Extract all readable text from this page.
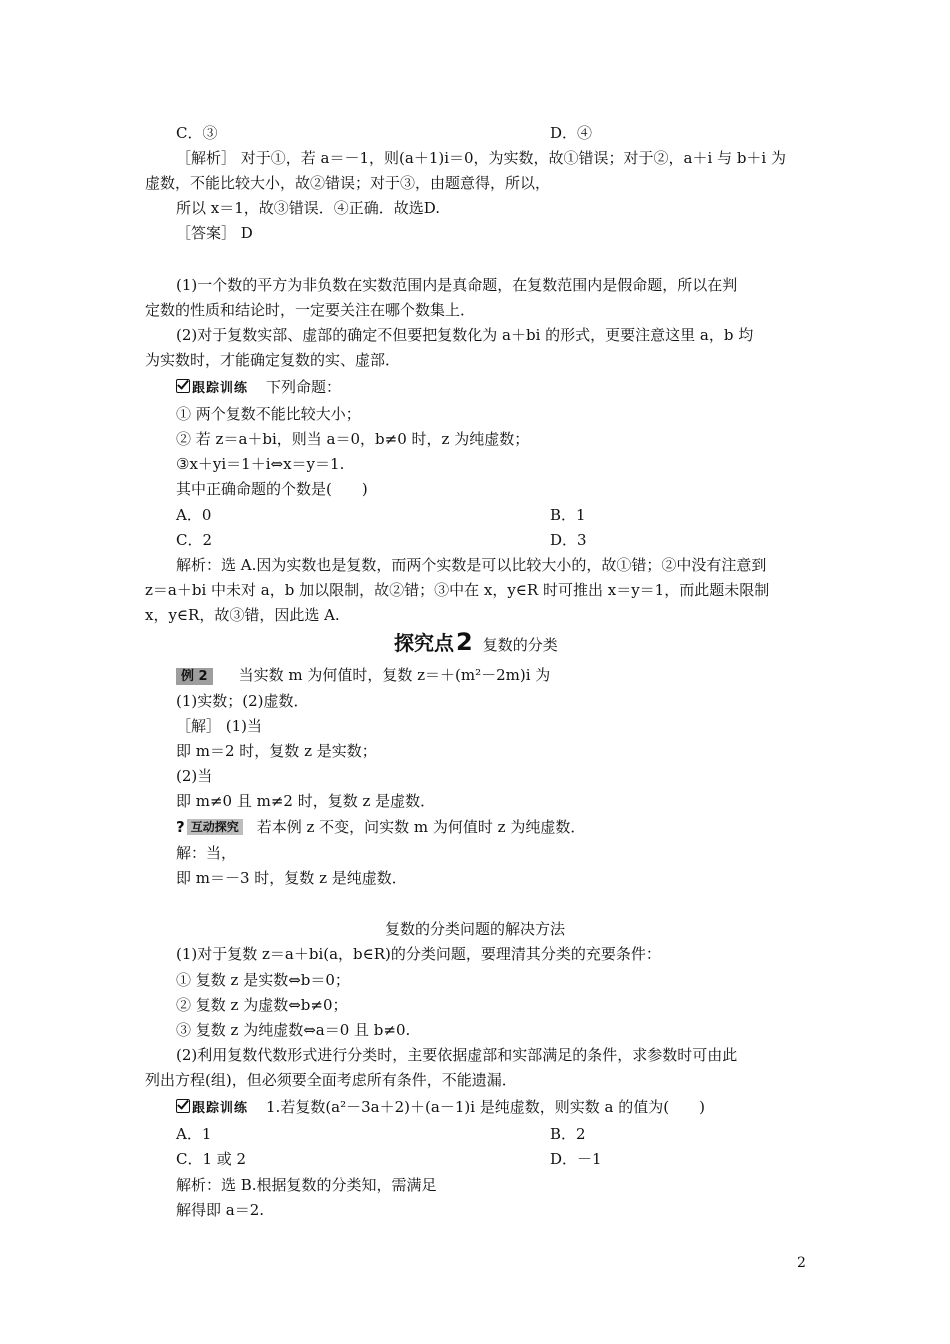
C．③	D．④
［解析］ 对于①，若 a＝－1，则(a＋1)i＝0，为实数，故①错误；对于②，a＋i 与 b＋i 为
虚数，不能比较大小，故②错误；对于③，由题意得，所以，
所以 x＝1，故③错误．④正确．故选D.
［答案］ D
(1)一个数的平方为非负数在实数范围内是真命题，在复数范围内是假命题，所以在判
定数的性质和结论时，一定要关注在哪个数集上．
(2)对于复数实部、虚部的确定不但要把复数化为 a＋bi 的形式，更要注意这里 a，b 均
为实数时，才能确定复数的实、虚部．
跟踪训练 下列命题：
① 两个复数不能比较大小；
② 若 z＝a＋bi，则当 a＝0，b≠0 时，z 为纯虚数；
③x＋yi＝1＋i⇔x＝y＝1.
其中正确命题的个数是(　　)
A．0	B．1
C．2	D．3
解析：选 A.因为实数也是复数，而两个实数是可以比较大小的，故①错；②中没有注意到
z＝a＋bi 中未对 a，b 加以限制，故②错；③中在 x，y∈R 时可推出 x＝y＝1，而此题未限制
x，y∈R，故③错，因此选 A.
探究点2 复数的分类
例 2 当实数 m 为何值时，复数 z＝＋(m²－2m)i 为
(1)实数；(2)虚数．
［解］ (1)当
即 m＝2 时，复数 z 是实数；
(2)当
即 m≠0 且 m≠2 时，复数 z 是虚数．
? 互动探究 若本例 z 不变，问实数 m 为何值时 z 为纯虚数．
解：当，
即 m＝－3 时，复数 z 是纯虚数．
复数的分类问题的解决方法
(1)对于复数 z＝a＋bi(a，b∈R)的分类问题，要理清其分类的充要条件：
① 复数 z 是实数⇔b＝0；
② 复数 z 为虚数⇔b≠0；
③ 复数 z 为纯虚数⇔a＝0 且 b≠0.
(2)利用复数代数形式进行分类时，主要依据虚部和实部满足的条件，求参数时可由此
列出方程(组)，但必须要全面考虑所有条件，不能遗漏．
跟踪训练 1.若复数(a²－3a＋2)＋(a－1)i 是纯虚数，则实数 a 的值为(　　)
A．1	B．2
C．1 或 2	D．－1
解析：选 B.根据复数的分类知，需满足
解得即 a＝2.
2
